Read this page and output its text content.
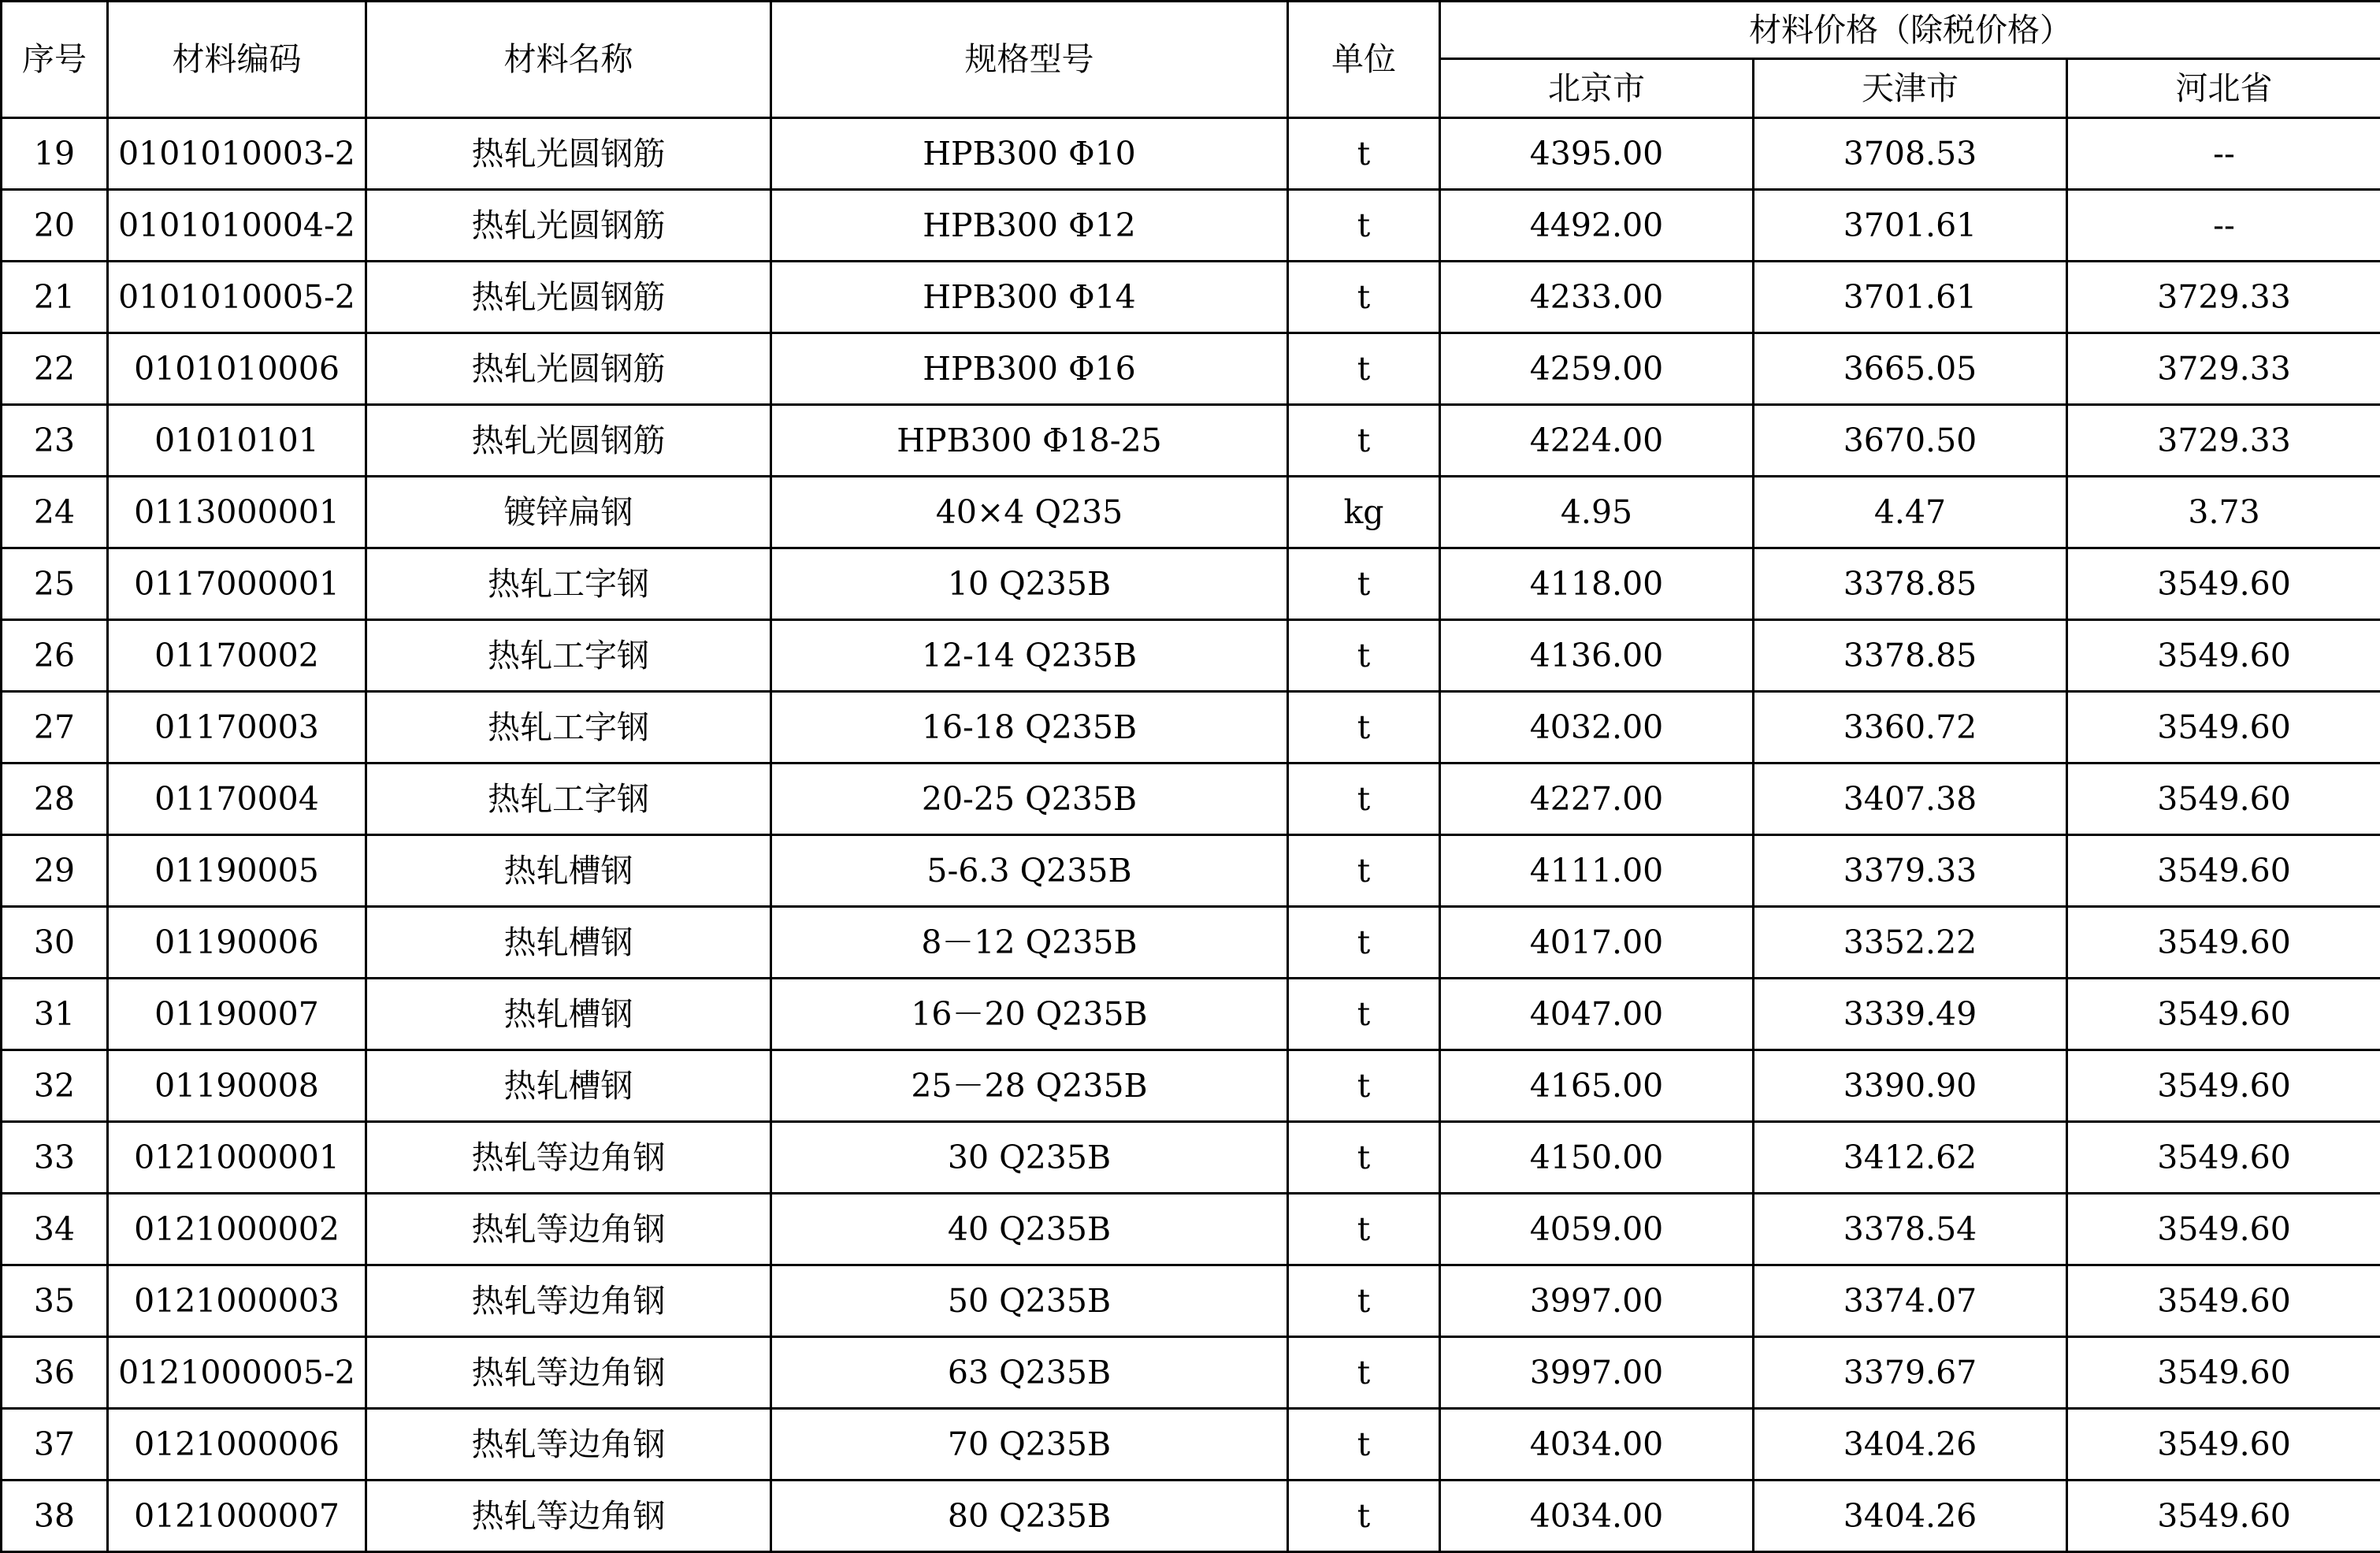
序号	材料编码	材料名称	规格型号	单位	材料价格（除税价格）		
					北京市	天津市	河北省
19	0101010003-2	热轧光圆钢筋	HPB300 Φ10	t	4395.00	3708.53	--
20	0101010004-2	热轧光圆钢筋	HPB300 Φ12	t	4492.00	3701.61	--
21	0101010005-2	热轧光圆钢筋	HPB300 Φ14	t	4233.00	3701.61	3729.33
22	0101010006	热轧光圆钢筋	HPB300 Φ16	t	4259.00	3665.05	3729.33
23	01010101	热轧光圆钢筋	HPB300 Φ18-25	t	4224.00	3670.50	3729.33
24	0113000001	镀锌扁钢	40×4 Q235	kg	4.95	4.47	3.73
25	0117000001	热轧工字钢	10 Q235B	t	4118.00	3378.85	3549.60
26	01170002	热轧工字钢	12-14 Q235B	t	4136.00	3378.85	3549.60
27	01170003	热轧工字钢	16-18 Q235B	t	4032.00	3360.72	3549.60
28	01170004	热轧工字钢	20-25 Q235B	t	4227.00	3407.38	3549.60
29	01190005	热轧槽钢	5-6.3 Q235B	t	4111.00	3379.33	3549.60
30	01190006	热轧槽钢	8－12 Q235B	t	4017.00	3352.22	3549.60
31	01190007	热轧槽钢	16－20 Q235B	t	4047.00	3339.49	3549.60
32	01190008	热轧槽钢	25－28 Q235B	t	4165.00	3390.90	3549.60
33	0121000001	热轧等边角钢	30 Q235B	t	4150.00	3412.62	3549.60
34	0121000002	热轧等边角钢	40 Q235B	t	4059.00	3378.54	3549.60
35	0121000003	热轧等边角钢	50 Q235B	t	3997.00	3374.07	3549.60
36	0121000005-2	热轧等边角钢	63 Q235B	t	3997.00	3379.67	3549.60
37	0121000006	热轧等边角钢	70 Q235B	t	4034.00	3404.26	3549.60
38	0121000007	热轧等边角钢	80 Q235B	t	4034.00	3404.26	3549.60
